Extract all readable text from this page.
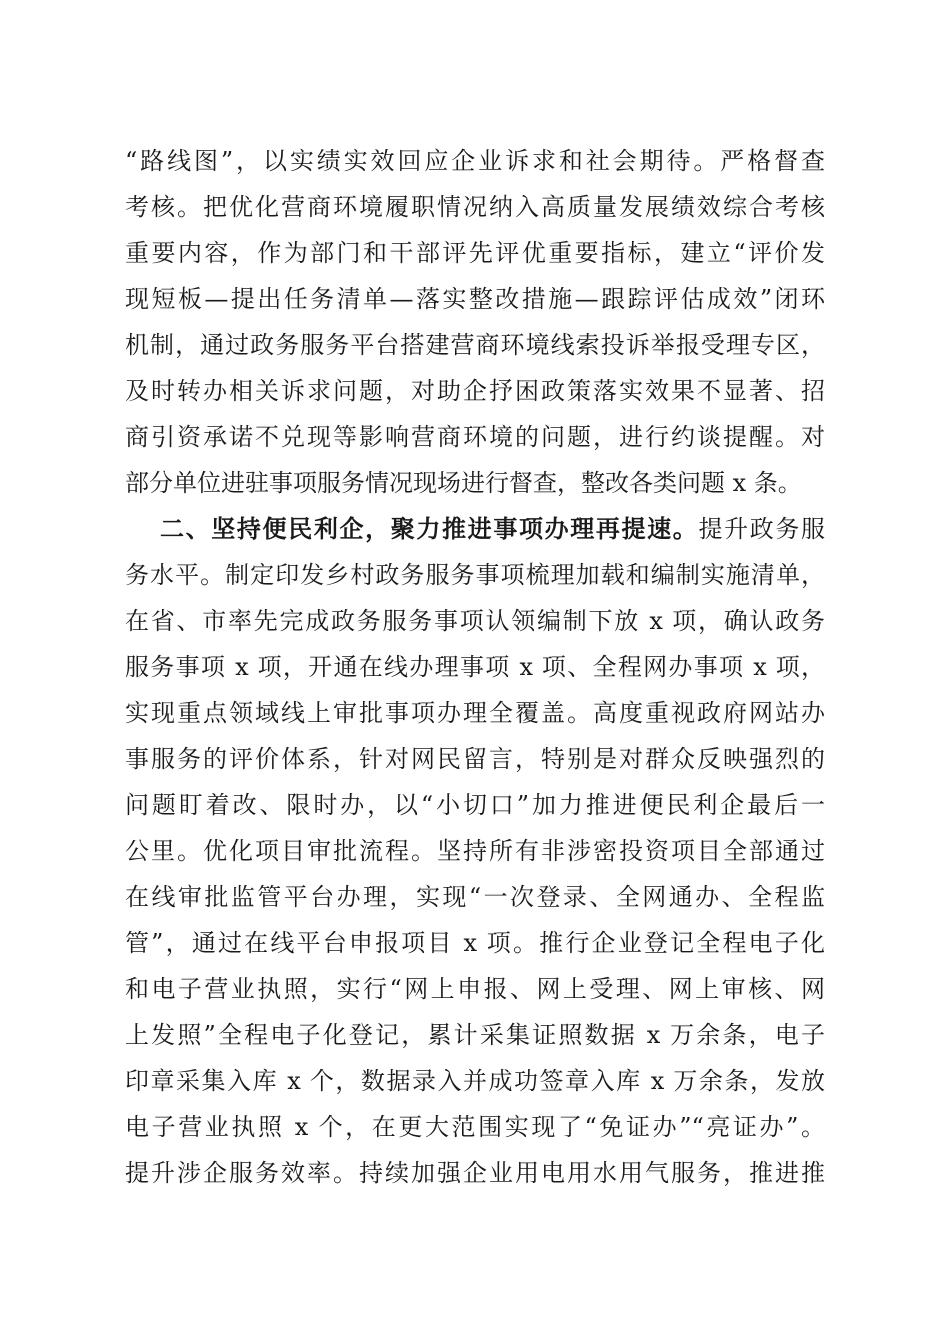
“路线图”，以实绩实效回应企业诉求和社会期待。严格督查
考核。把优化营商环境履职情况纳入高质量发展绩效综合考核
重要内容，作为部门和干部评先评优重要指标，建立“评价发
现短板—提出任务清单—落实整改措施—跟踪评估成效”闭环
机制，通过政务服务平台搭建营商环境线索投诉举报受理专区，
及时转办相关诉求问题，对助企抒困政策落实效果不显著、招
商引资承诺不兑现等影响营商环境的问题，进行约谈提醒。对
部分单位进驻事项服务情况现场进行督查，整改各类问题 x 条。
二、坚持便民利企，聚力推进事项办理再提速。提升政务服
务水平。制定印发乡村政务服务事项梳理加载和编制实施清单，
在省、市率先完成政务服务事项认领编制下放 x 项，确认政务
服务事项 x 项，开通在线办理事项 x 项、全程网办事项 x 项，
实现重点领域线上审批事项办理全覆盖。高度重视政府网站办
事服务的评价体系，针对网民留言，特别是对群众反映强烈的
问题盯着改、限时办，以“小切口”加力推进便民利企最后一
公里。优化项目审批流程。坚持所有非涉密投资项目全部通过
在线审批监管平台办理，实现“一次登录、全网通办、全程监
管”，通过在线平台申报项目 x 项。推行企业登记全程电子化
和电子营业执照，实行“网上申报、网上受理、网上审核、网
上发照”全程电子化登记，累计采集证照数据 x 万余条，电子
印章采集入库 x 个，数据录入并成功签章入库 x 万余条，发放
电子营业执照 x 个，在更大范围实现了“免证办”“亮证办”。
提升涉企服务效率。持续加强企业用电用水用气服务，推进推
